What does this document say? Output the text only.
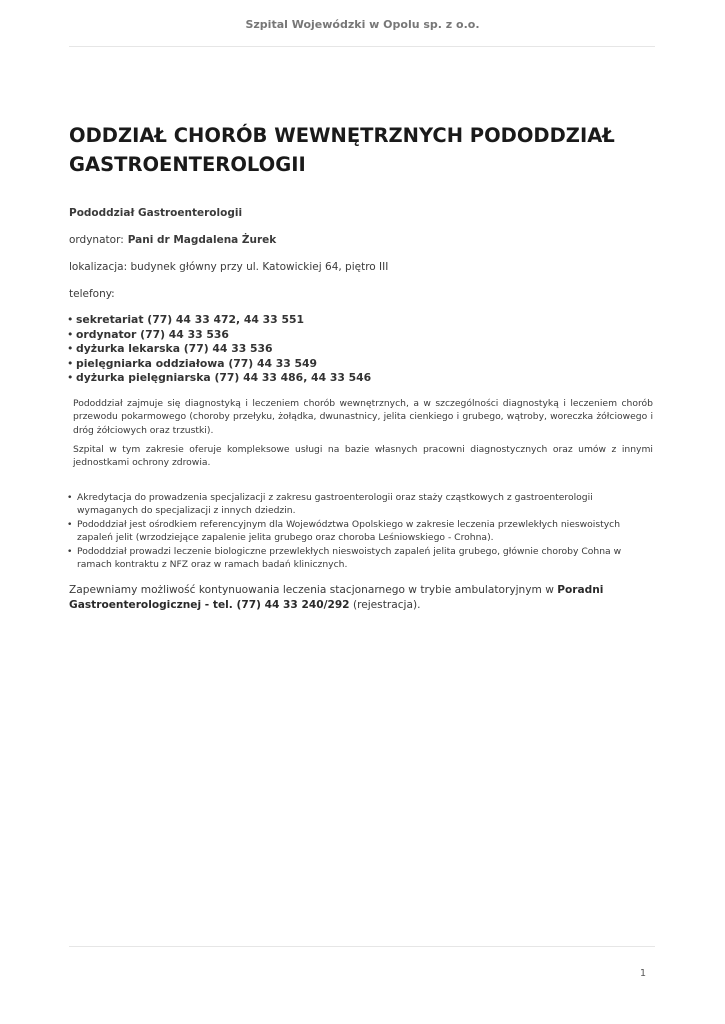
Szpital Wojewódzki w Opolu sp. z o.o.
ODDZIAŁ CHORÓB WEWNĘTRZNYCH PODODDZIAŁ GASTROENTEROLOGII

Pododdział Gastroenterologii

ordynator: Pani dr Magdalena Żurek

lokalizacja: budynek główny przy ul. Katowickiej 64, piętro III

telefony:

• sekretariat (77) 44 33 472, 44 33 551
• ordynator (77) 44 33 536
• dyżurka lekarska (77) 44 33 536
• pielęgniarka oddziałowa (77) 44 33 549
• dyżurka pielęgniarska (77) 44 33 486, 44 33 546

Pododdział zajmuje się diagnostyką i leczeniem chorób wewnętrznych, a w szczególności diagnostyką i leczeniem chorób przewodu pokarmowego (choroby przełyku, żołądka, dwunastnicy, jelita cienkiego i grubego, wątroby, woreczka żółciowego i dróg żółciowych oraz trzustki).

Szpital w tym zakresie oferuje kompleksowe usługi na bazie własnych pracowni diagnostycznych oraz umów z innymi jednostkami ochrony zdrowia.

• Akredytacja do prowadzenia specjalizacji z zakresu gastroenterologii oraz staży cząstkowych z gastroenterologii wymaganych do specjalizacji z innych dziedzin.
• Pododdział jest ośrodkiem referencyjnym dla Województwa Opolskiego w zakresie leczenia przewlekłych nieswoistych zapaleń jelit (wrzodziejące zapalenie jelita grubego oraz choroba Leśniowskiego - Crohna).
• Pododdział prowadzi leczenie biologiczne przewlekłych nieswoistych zapaleń jelita grubego, głównie choroby Cohna w ramach kontraktu z NFZ oraz w ramach badań klinicznych.

Zapewniamy możliwość kontynuowania leczenia stacjonarnego w trybie ambulatoryjnym w Poradni Gastroenterologicznej - tel. (77) 44 33 240/292 (rejestracja).

1
